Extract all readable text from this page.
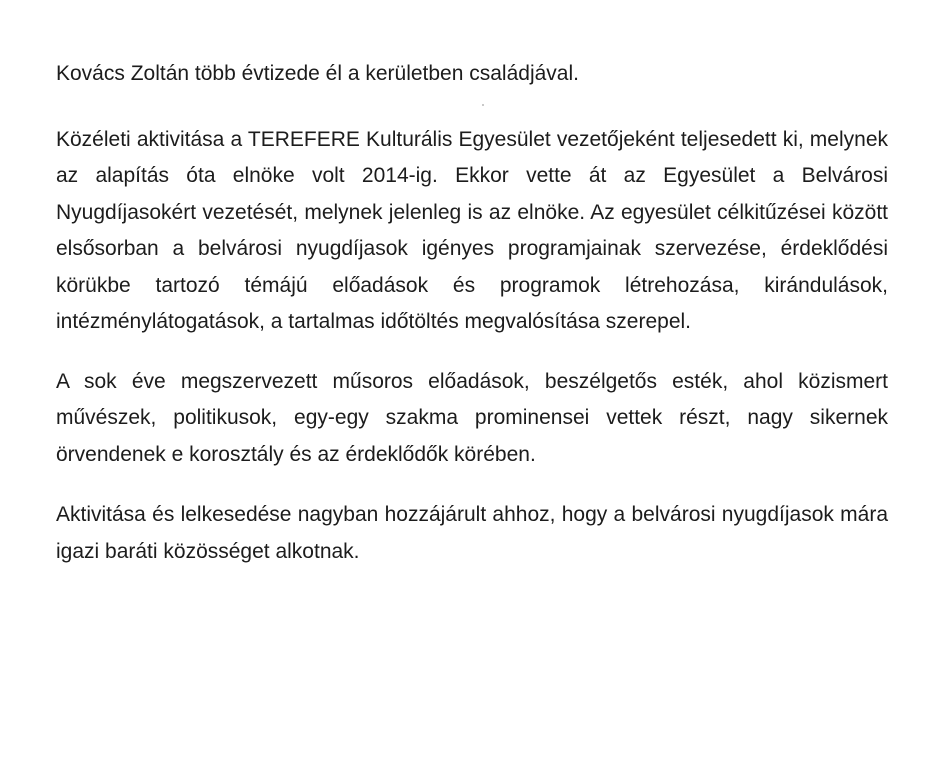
Kovács Zoltán több évtizede él a kerületben családjával.

Közéleti aktivitása a TEREFERE Kulturális Egyesület vezetőjeként teljesedett ki, melynek az alapítás óta elnöke volt 2014-ig. Ekkor vette át az Egyesület a Belvárosi Nyugdíjasokért vezetését, melynek jelenleg is az elnöke. Az egyesület célkitűzései között elsősorban a belvárosi nyugdíjasok igényes programjainak szervezése, érdeklődési körükbe tartozó témájú előadások és programok létrehozása, kirándulások, intézménylátogatások, a tartalmas időtöltés megvalósítása szerepel.

A sok éve megszervezett műsoros előadások, beszélgetős esték, ahol közismert művészek, politikusok, egy-egy szakma prominensei vettek részt, nagy sikernek örvendenek e korosztály és az érdeklődők körében.

Aktivitása és lelkesedése nagyban hozzájárult ahhoz, hogy a belvárosi nyugdíjasok mára igazi baráti közösséget alkotnak.
